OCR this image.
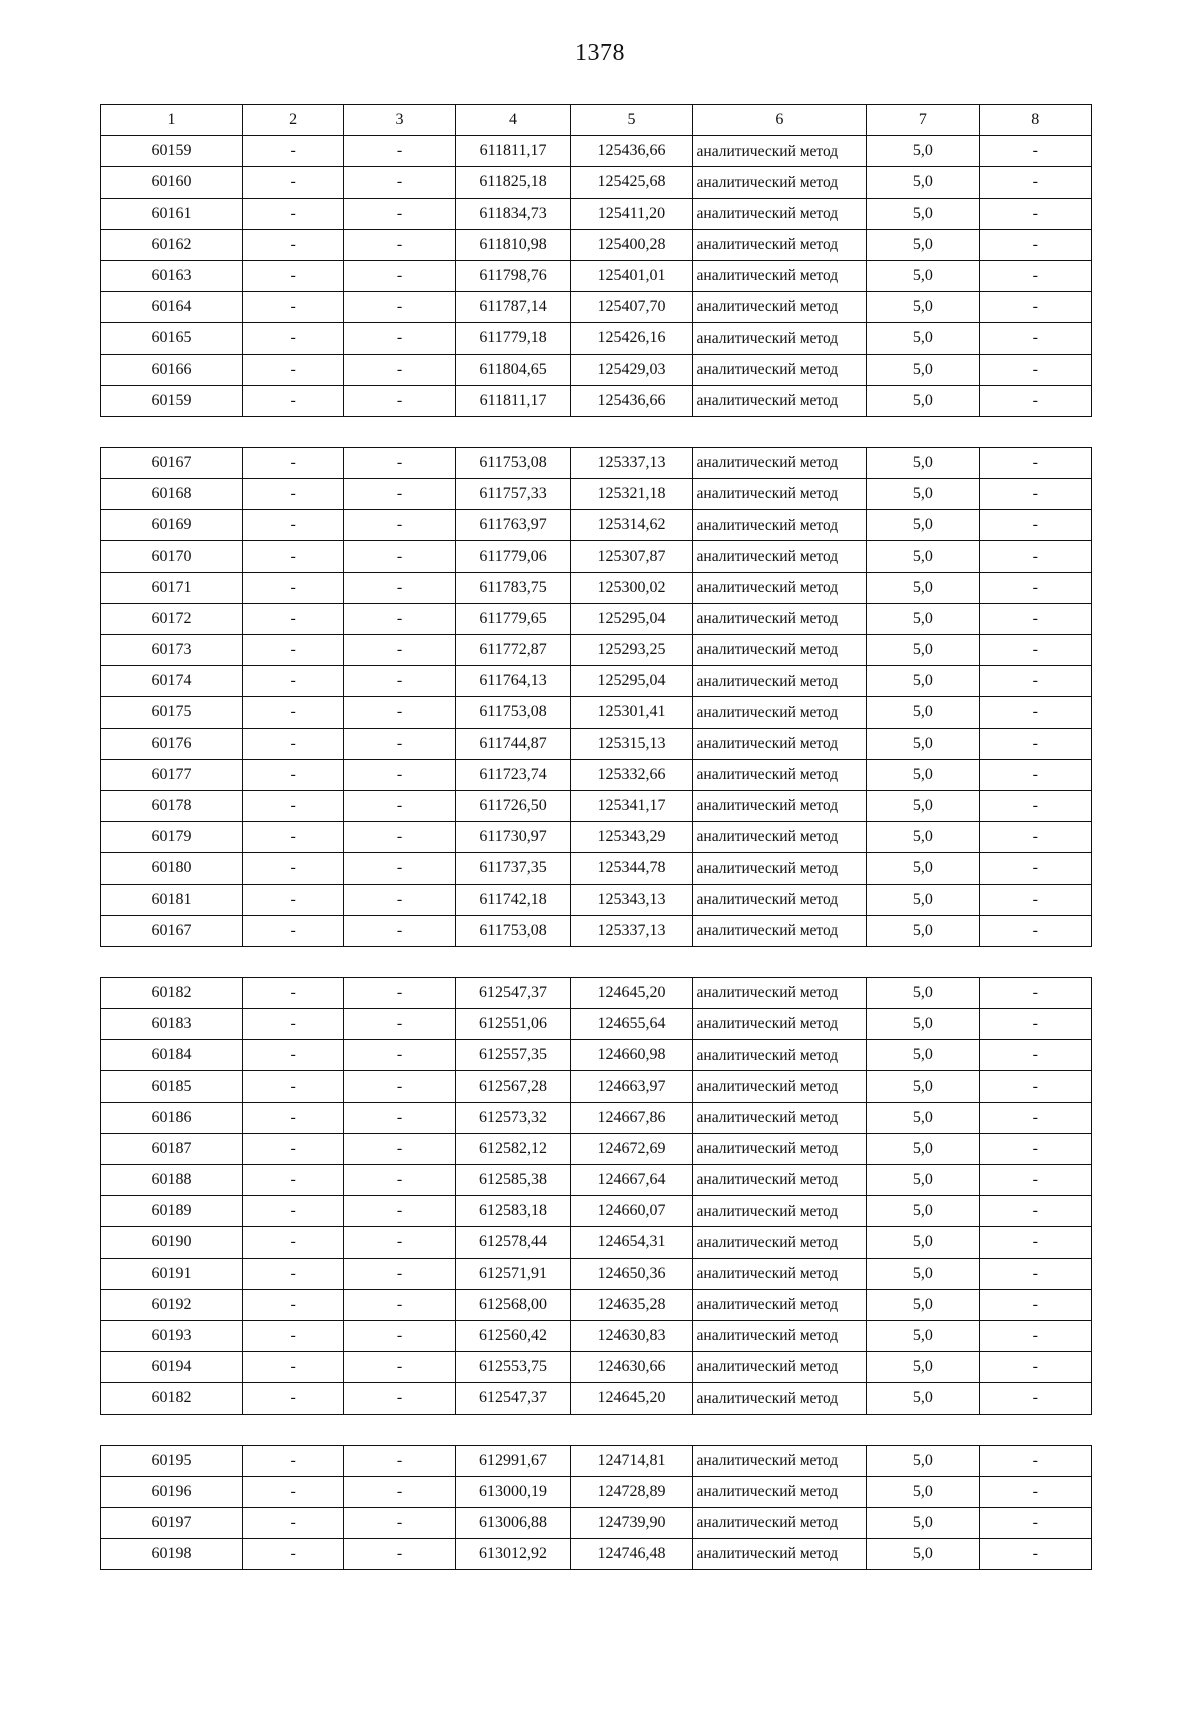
1378
1	2	3	4	5	6	7	8
60159	-	-	611811,17	125436,66	аналитический метод	5,0	-
60160	-	-	611825,18	125425,68	аналитический метод	5,0	-
60161	-	-	611834,73	125411,20	аналитический метод	5,0	-
60162	-	-	611810,98	125400,28	аналитический метод	5,0	-
60163	-	-	611798,76	125401,01	аналитический метод	5,0	-
60164	-	-	611787,14	125407,70	аналитический метод	5,0	-
60165	-	-	611779,18	125426,16	аналитический метод	5,0	-
60166	-	-	611804,65	125429,03	аналитический метод	5,0	-
60159	-	-	611811,17	125436,66	аналитический метод	5,0	-
60167	-	-	611753,08	125337,13	аналитический метод	5,0	-
60168	-	-	611757,33	125321,18	аналитический метод	5,0	-
60169	-	-	611763,97	125314,62	аналитический метод	5,0	-
60170	-	-	611779,06	125307,87	аналитический метод	5,0	-
60171	-	-	611783,75	125300,02	аналитический метод	5,0	-
60172	-	-	611779,65	125295,04	аналитический метод	5,0	-
60173	-	-	611772,87	125293,25	аналитический метод	5,0	-
60174	-	-	611764,13	125295,04	аналитический метод	5,0	-
60175	-	-	611753,08	125301,41	аналитический метод	5,0	-
60176	-	-	611744,87	125315,13	аналитический метод	5,0	-
60177	-	-	611723,74	125332,66	аналитический метод	5,0	-
60178	-	-	611726,50	125341,17	аналитический метод	5,0	-
60179	-	-	611730,97	125343,29	аналитический метод	5,0	-
60180	-	-	611737,35	125344,78	аналитический метод	5,0	-
60181	-	-	611742,18	125343,13	аналитический метод	5,0	-
60167	-	-	611753,08	125337,13	аналитический метод	5,0	-
60182	-	-	612547,37	124645,20	аналитический метод	5,0	-
60183	-	-	612551,06	124655,64	аналитический метод	5,0	-
60184	-	-	612557,35	124660,98	аналитический метод	5,0	-
60185	-	-	612567,28	124663,97	аналитический метод	5,0	-
60186	-	-	612573,32	124667,86	аналитический метод	5,0	-
60187	-	-	612582,12	124672,69	аналитический метод	5,0	-
60188	-	-	612585,38	124667,64	аналитический метод	5,0	-
60189	-	-	612583,18	124660,07	аналитический метод	5,0	-
60190	-	-	612578,44	124654,31	аналитический метод	5,0	-
60191	-	-	612571,91	124650,36	аналитический метод	5,0	-
60192	-	-	612568,00	124635,28	аналитический метод	5,0	-
60193	-	-	612560,42	124630,83	аналитический метод	5,0	-
60194	-	-	612553,75	124630,66	аналитический метод	5,0	-
60182	-	-	612547,37	124645,20	аналитический метод	5,0	-
60195	-	-	612991,67	124714,81	аналитический метод	5,0	-
60196	-	-	613000,19	124728,89	аналитический метод	5,0	-
60197	-	-	613006,88	124739,90	аналитический метод	5,0	-
60198	-	-	613012,92	124746,48	аналитический метод	5,0	-
